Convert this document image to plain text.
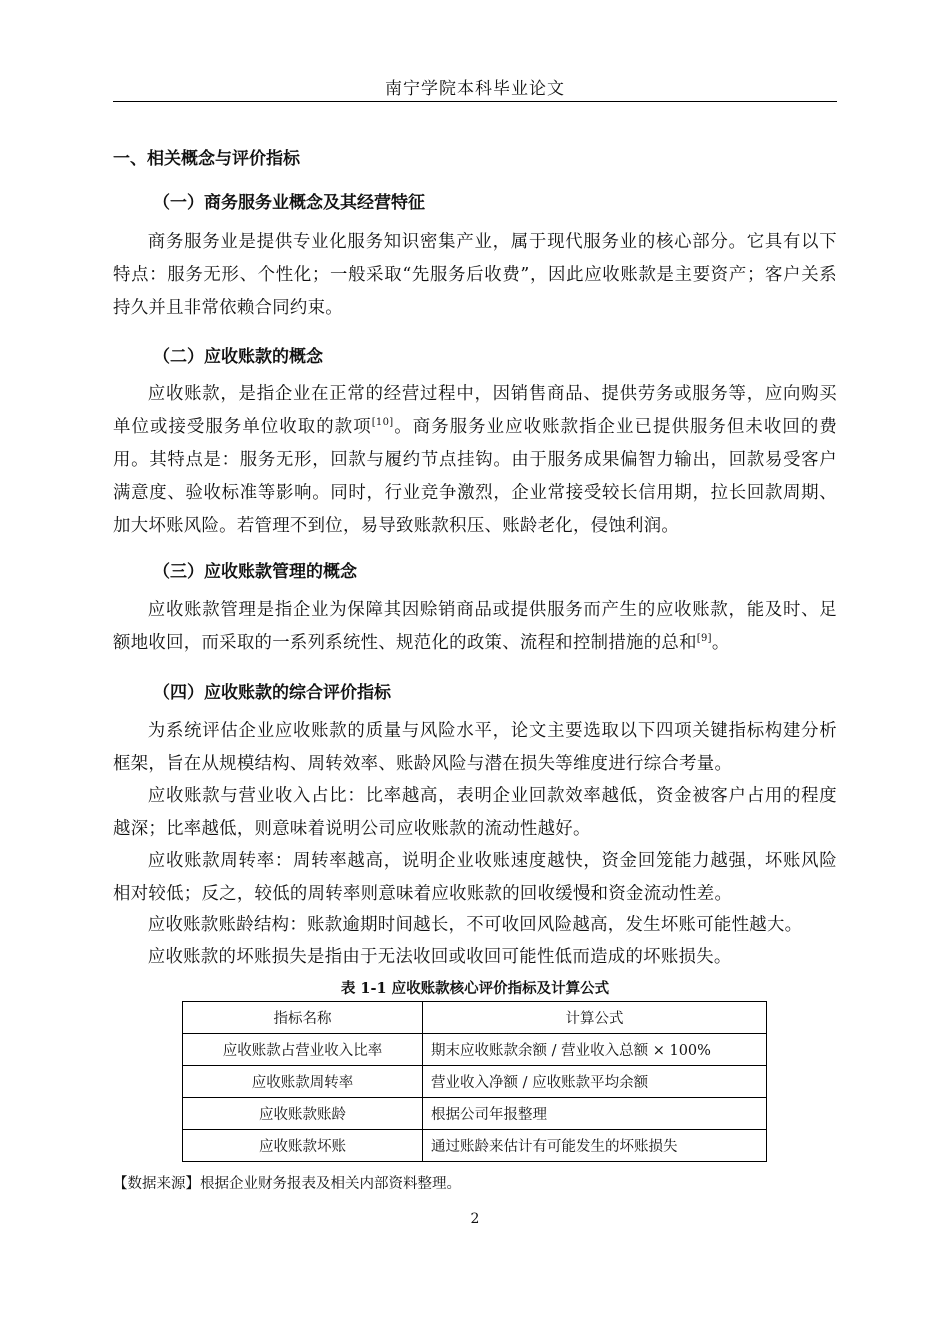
南宁学院本科毕业论文
一、相关概念与评价指标
（一）商务服务业概念及其经营特征
商务服务业是提供专业化服务知识密集产业，属于现代服务业的核心部分。它具有以下特点：服务无形、个性化；一般采取“先服务后收费”，因此应收账款是主要资产；客户关系持久并且非常依赖合同约束。
（二）应收账款的概念
应收账款，是指企业在正常的经营过程中，因销售商品、提供劳务或服务等，应向购买单位或接受服务单位收取的款项[10]。商务服务业应收账款指企业已提供服务但未收回的费用。其特点是：服务无形，回款与履约节点挂钩。由于服务成果偏智力输出，回款易受客户满意度、验收标准等影响。同时，行业竞争激烈，企业常接受较长信用期，拉长回款周期、加大坏账风险。若管理不到位，易导致账款积压、账龄老化，侵蚀利润。
（三）应收账款管理的概念
应收账款管理是指企业为保障其因赊销商品或提供服务而产生的应收账款，能及时、足额地收回，而采取的一系列系统性、规范化的政策、流程和控制措施的总和[9]。
（四）应收账款的综合评价指标
为系统评估企业应收账款的质量与风险水平，论文主要选取以下四项关键指标构建分析框架，旨在从规模结构、周转效率、账龄风险与潜在损失等维度进行综合考量。
应收账款与营业收入占比：比率越高，表明企业回款效率越低，资金被客户占用的程度越深；比率越低，则意味着说明公司应收账款的流动性越好。
应收账款周转率：周转率越高，说明企业收账速度越快，资金回笼能力越强，坏账风险相对较低；反之，较低的周转率则意味着应收账款的回收缓慢和资金流动性差。
应收账款账龄结构：账款逾期时间越长，不可收回风险越高，发生坏账可能性越大。
应收账款的坏账损失是指由于无法收回或收回可能性低而造成的坏账损失。
表 1-1 应收账款核心评价指标及计算公式
指标名称	计算公式
应收账款占营业收入比率	期末应收账款余额 / 营业收入总额 × 100%
应收账款周转率	营业收入净额 / 应收账款平均余额
应收账款账龄	根据公司年报整理
应收账款坏账	通过账龄来估计有可能发生的坏账损失
【数据来源】根据企业财务报表及相关内部资料整理。
2
